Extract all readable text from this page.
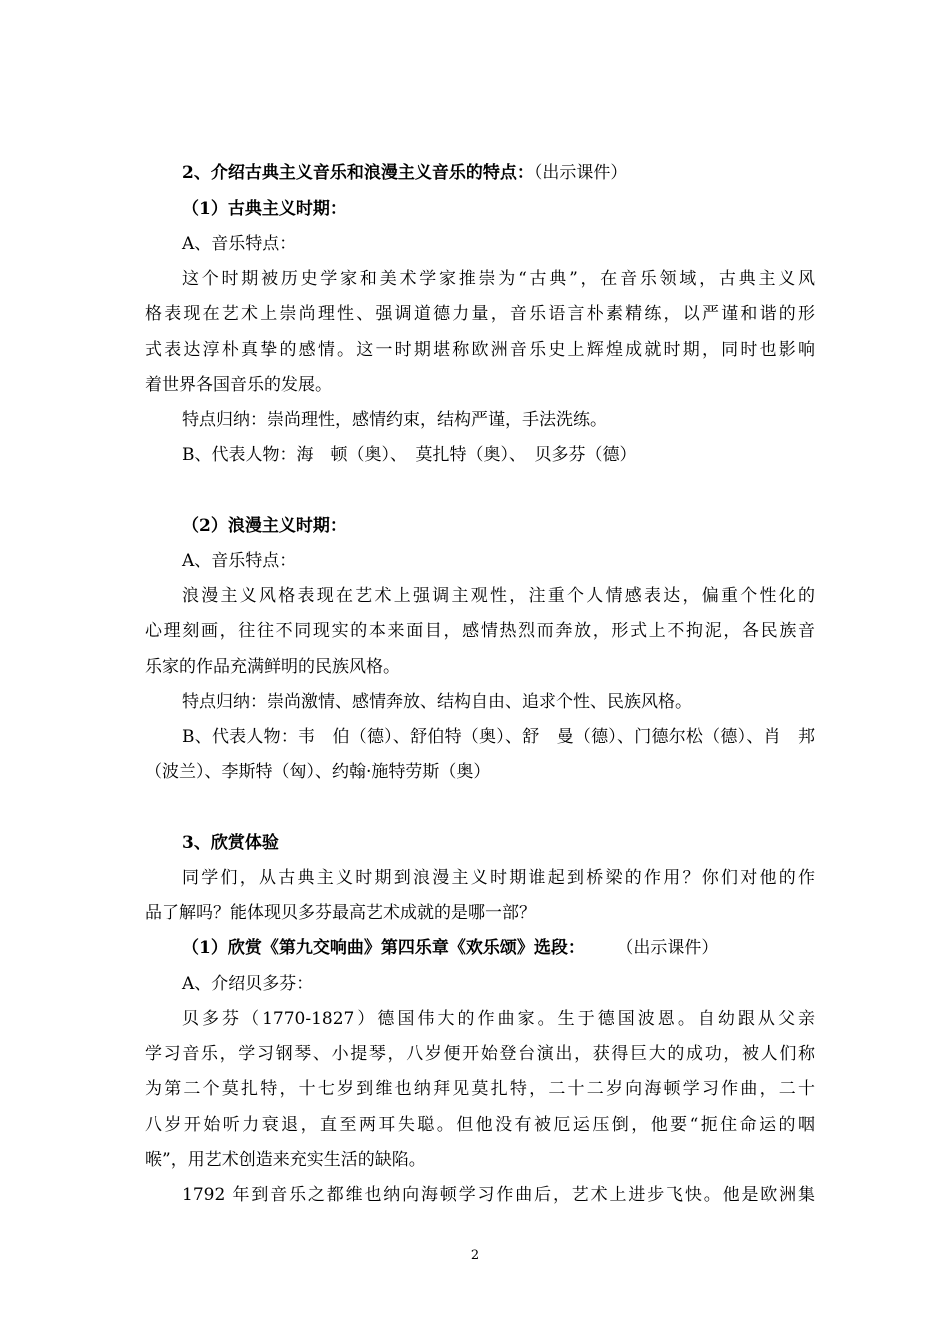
2、介绍古典主义音乐和浪漫主义音乐的特点：（出示课件）
（1）古典主义时期：
A、音乐特点：
这个时期被历史学家和美术学家推崇为“古典”，在音乐领域，古典主义风
格表现在艺术上崇尚理性、强调道德力量，音乐语言朴素精练，以严谨和谐的形
式表达淳朴真挚的感情。这一时期堪称欧洲音乐史上辉煌成就时期，同时也影响
着世界各国音乐的发展。
特点归纳：崇尚理性，感情约束，结构严谨，手法洗练。
B、代表人物：海　顿（奥）、　莫扎特（奥）、　贝多芬（德）
（2）浪漫主义时期：
A、音乐特点：
浪漫主义风格表现在艺术上强调主观性，注重个人情感表达，偏重个性化的
心理刻画，往往不同现实的本来面目，感情热烈而奔放，形式上不拘泥，各民族音
乐家的作品充满鲜明的民族风格。
特点归纳：崇尚激情、感情奔放、结构自由、追求个性、民族风格。
B、代表人物：韦　伯（德）、舒伯特（奥）、舒　曼（德）、门德尔松（德）、肖　邦
（波兰）、李斯特（匈）、约翰·施特劳斯（奥）
3、欣赏体验
同学们，从古典主义时期到浪漫主义时期谁起到桥梁的作用？你们对他的作
品了解吗？能体现贝多芬最高艺术成就的是哪一部？
（1）欣赏《第九交响曲》第四乐章《欢乐颂》选段： （出示课件）
A、介绍贝多芬：
贝多芬（1770-1827）德国伟大的作曲家。生于德国波恩。自幼跟从父亲
学习音乐，学习钢琴、小提琴，八岁便开始登台演出，获得巨大的成功，被人们称
为第二个莫扎特，十七岁到维也纳拜见莫扎特，二十二岁向海顿学习作曲，二十
八岁开始听力衰退，直至两耳失聪。但他没有被厄运压倒，他要“扼住命运的咽
喉”，用艺术创造来充实生活的缺陷。
1792 年到音乐之都维也纳向海顿学习作曲后，艺术上进步飞快。他是欧洲集
2
